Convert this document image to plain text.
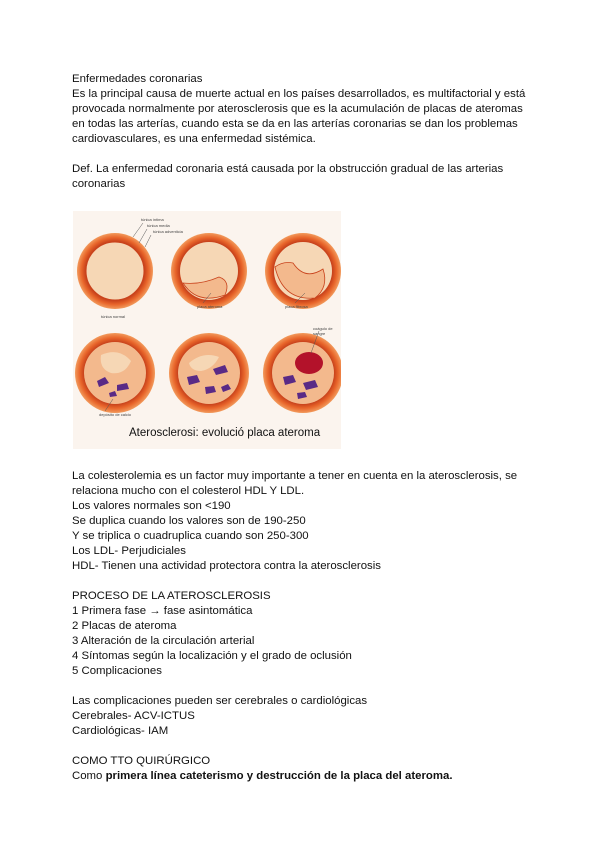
Enfermedades coronarias

Es la principal causa de muerte actual en los países desarrollados, es multifactorial y está provocada normalmente por aterosclerosis que es la acumulación de placas de ateromas en todas las arterías, cuando esta se da en las arterías coronarias se dan los problemas cardiovasculares, es una enfermedad sistémica.

Def. La enfermedad coronaria está causada por la obstrucción gradual de las arterias coronarias

túnica íntima
túnica media
túnica adventicia
placa ateroma
túnica normal
placa fibrosa
depósito de calcio
coágulo de sangre
Aterosclerosi: evolució placa ateroma

La colesterolemia es un factor muy importante a tener en cuenta en la aterosclerosis, se relaciona mucho con el colesterol HDL Y LDL.

Los valores normales son <190

Se duplica cuando los valores son de 190-250

Y se triplica o cuadruplica cuando son 250-300

Los LDL- Perjudiciales

HDL- Tienen una actividad protectora contra la aterosclerosis

PROCESO DE LA ATEROSCLEROSIS

1 Primera fase → fase asintomática

2 Placas de ateroma

3 Alteración de la circulación arterial

4 Síntomas según la localización y el grado de oclusión

5 Complicaciones

Las complicaciones pueden ser cerebrales o cardiológicas

Cerebrales- ACV-ICTUS

Cardiológicas- IAM

COMO TTO QUIRÚRGICO

Como primera línea cateterismo y destrucción de la placa del ateroma.
